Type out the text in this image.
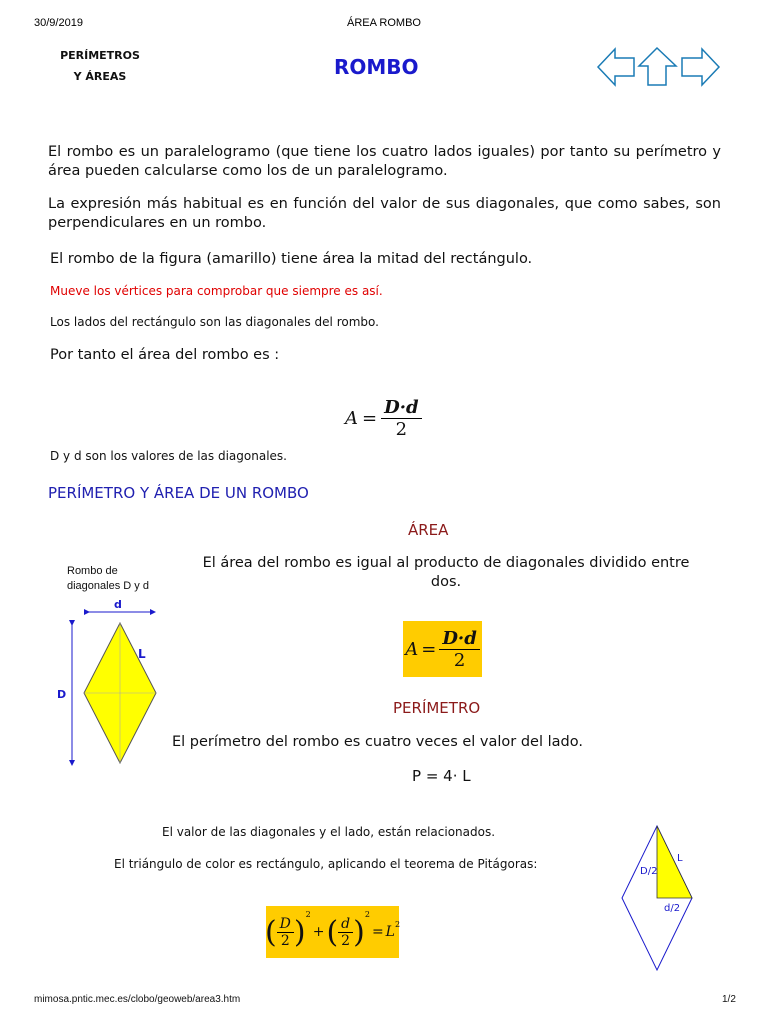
30/9/2019	ÁREA ROMBO
PERÍMETROS
Y ÁREAS	ROMBO
El rombo es un paralelogramo (que tiene los cuatro lados iguales) por tanto su perímetro y área pueden calcularse como los de un paralelogramo.
La expresión más habitual es en función del valor de sus diagonales, que como sabes, son perpendiculares en un rombo.
El rombo de la figura (amarillo) tiene área la mitad del rectángulo.
Mueve los vértices para comprobar que siempre es así.
Los lados del rectángulo son las diagonales del rombo.
Por tanto el área del rombo es :
$A = \frac{D\cdot d}{2}$
D y d son los valores de las diagonales.
PERÍMETRO Y ÁREA DE UN ROMBO
Rombo de
diagonales D y d
d
L
D
ÁREA
El área del rombo es igual al producto de diagonales dividido entre dos.
$A = \frac{D\cdot d}{2}$
PERÍMETRO
El perímetro del rombo es cuatro veces el valor del lado.
P = 4· L
El valor de las diagonales y el lado, están relacionados.
El triángulo de color es rectángulo, aplicando el teorema de Pitágoras:
( $\frac{D}{2} )^2$
+ ( $\frac{d}{2} )^2$
= $L^2$
D/2
L
d/2
mimosa.pntic.mec.es/clobo/geoweb/area3.htm	1/2
